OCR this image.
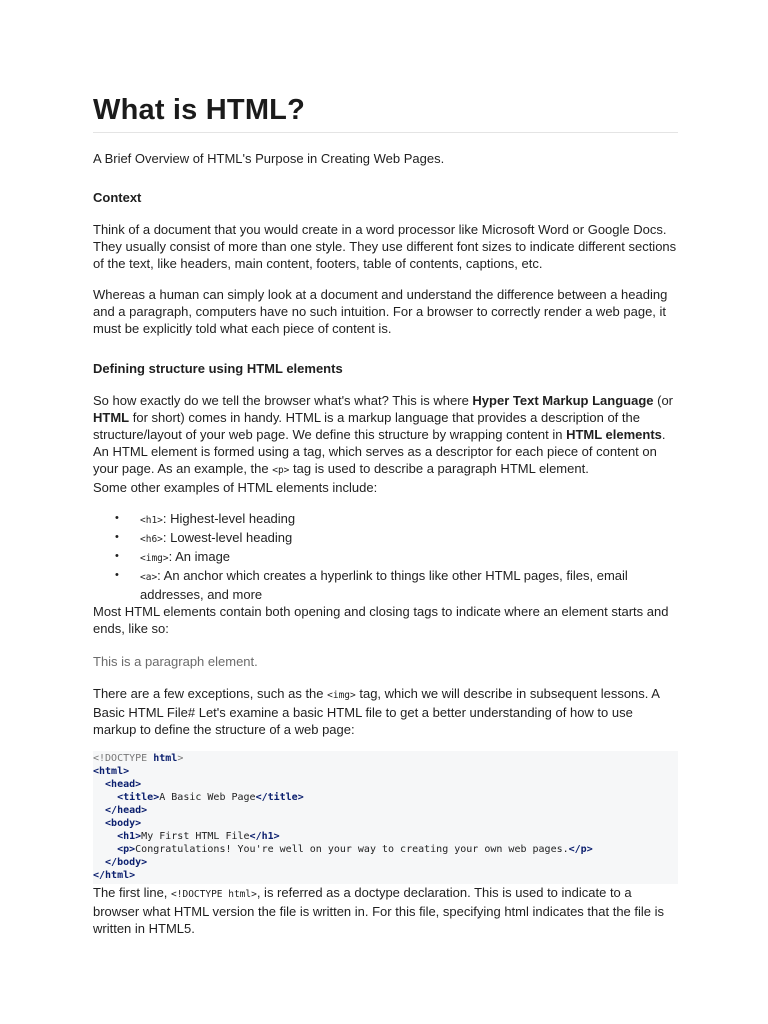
What is HTML?

A Brief Overview of HTML's Purpose in Creating Web Pages.

Context

Think of a document that you would create in a word processor like Microsoft Word or Google Docs. They usually consist of more than one style. They use different font sizes to indicate different sections of the text, like headers, main content, footers, table of contents, captions, etc.

Whereas a human can simply look at a document and understand the difference between a heading and a paragraph, computers have no such intuition. For a browser to correctly render a web page, it must be explicitly told what each piece of content is.

Defining structure using HTML elements

So how exactly do we tell the browser what's what? This is where Hyper Text Markup Language (or HTML for short) comes in handy. HTML is a markup language that provides a description of the structure/layout of your web page. We define this structure by wrapping content in HTML elements.

An HTML element is formed using a tag, which serves as a descriptor for each piece of content on your page. As an example, the <p> tag is used to describe a paragraph HTML element.

Some other examples of HTML elements include:

• <h1>: Highest-level heading
• <h6>: Lowest-level heading
• <img>: An image
• <a>: An anchor which creates a hyperlink to things like other HTML pages, files, email addresses, and more

Most HTML elements contain both opening and closing tags to indicate where an element starts and ends, like so:

This is a paragraph element.

There are a few exceptions, such as the <img> tag, which we will describe in subsequent lessons. A Basic HTML File# Let's examine a basic HTML file to get a better understanding of how to use markup to define the structure of a web page:

<!DOCTYPE html>
<html>
<head>
<title>A Basic Web Page</title>
</head>
<body>
<h1>My First HTML File</h1>
<p>Congratulations! You're well on your way to creating your own web pages.</p>
</body>
</html>

The first line, <!DOCTYPE html>, is referred as a doctype declaration. This is used to indicate to a browser what HTML version the file is written in. For this file, specifying html indicates that the file is written in HTML5.
